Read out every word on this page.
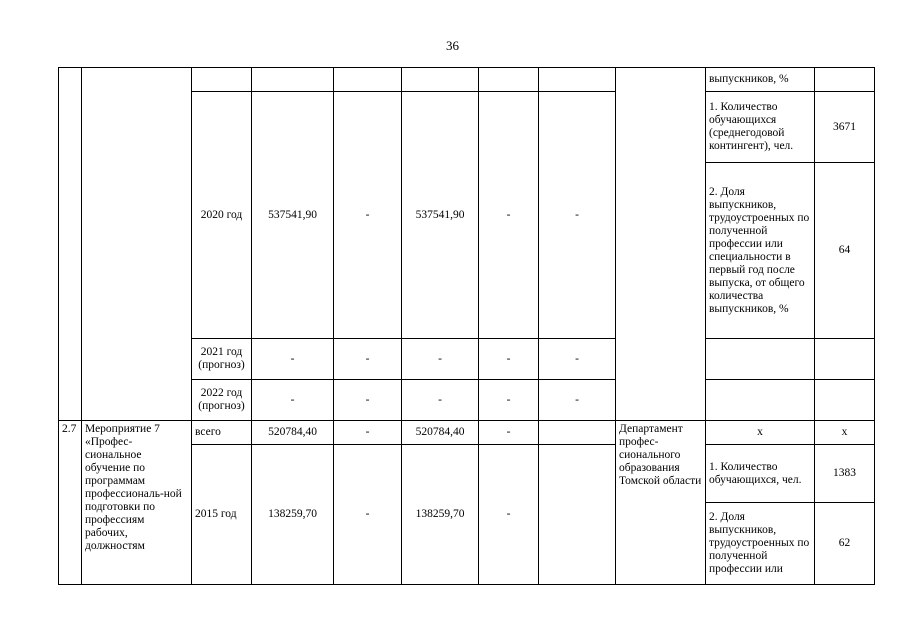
36
									выпускников, %	
		2020 год	537541,90	-	537541,90	-	-		1. Количество обучающихся (среднегодовой контингент), чел.	3671
									2. Доля выпускников, трудоустроенных по полученной профессии или специальности в первый год после выпуска, от общего количества выпускников, %	64
		2021 год (прогноз)	-	-	-	-	-			
		2022 год (прогноз)	-	-	-	-	-			
2.7	Мероприятие 7 «Профес-сиональное обучение по программам профессиональ-ной подготовки по профессиям рабочих, должностям	всего	520784,40	-	520784,40	-		Департамент профес-сионального образования Томской области	х	х
		2015 год	138259,70	-	138259,70	-			1. Количество обучающихся, чел.	1383
									2. Доля выпускников, трудоустроенных по полученной профессии или	62
